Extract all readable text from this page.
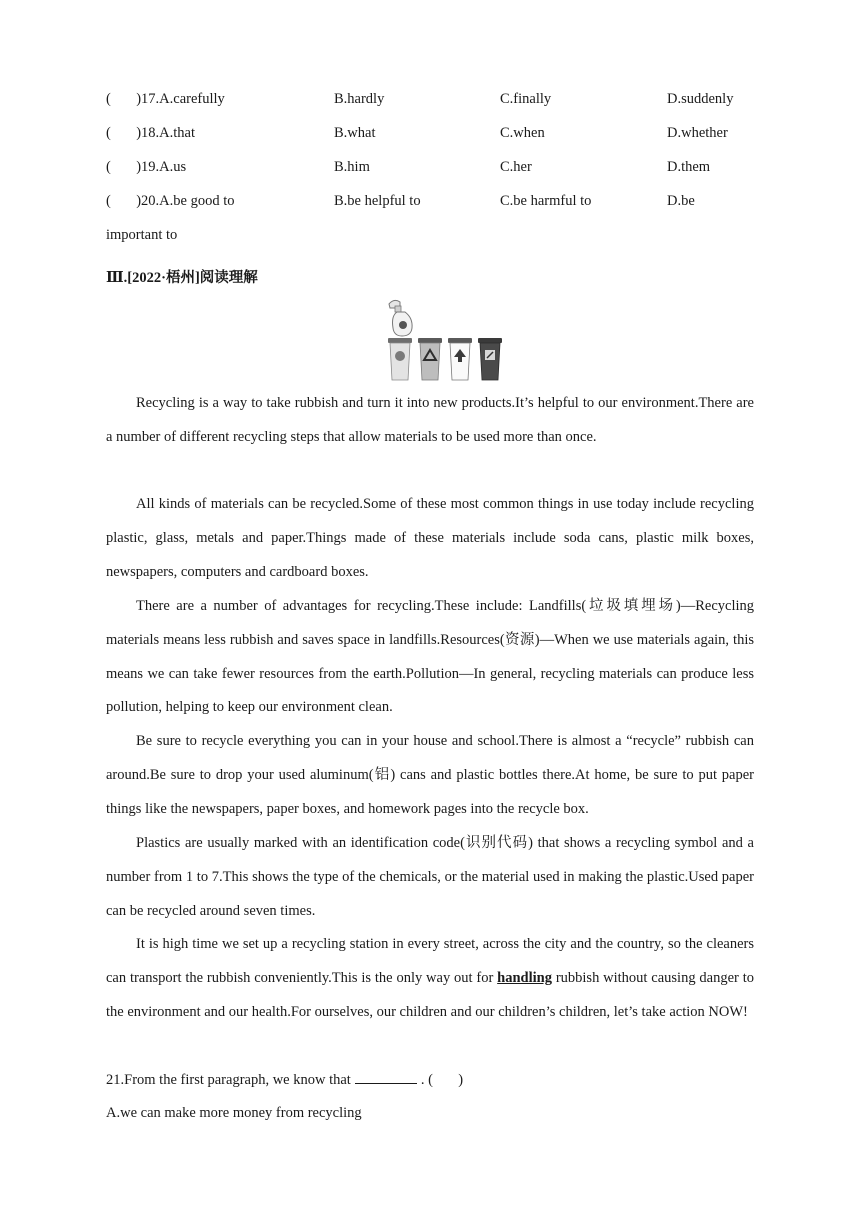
(       )17.A.carefully	B.hardly	C.finally	D.suddenly
(       )18.A.that	B.what	C.when	D.whether
(       )19.A.us	B.him	C.her	D.them
(       )20.A.be good to	B.be helpful to	C.be harmful to	D.be
important to
Ⅲ.[2022·梧州]阅读理解

Recycling is a way to take rubbish and turn it into new products.It’s helpful to our environment.There are a number of different recycling steps that allow materials to be used more than once.

All kinds of materials can be recycled.Some of these most common things in use today include recycling plastic, glass, metals and paper.Things made of these materials include soda cans, plastic milk boxes, newspapers, computers and cardboard boxes.

There are a number of advantages for recycling.These include: Landfills(垃圾填埋场)—Recycling materials means less rubbish and saves space in landfills.Resources(资源)—When we use materials again, this means we can take fewer resources from the earth.Pollution—In general, recycling materials can produce less pollution, helping to keep our environment clean.

Be sure to recycle everything you can in your house and school.There is almost a “recycle” rubbish can around.Be sure to drop your used aluminum(铝) cans and plastic bottles there.At home, be sure to put paper things like the newspapers, paper boxes, and homework pages into the recycle box.

Plastics are usually marked with an identification code(识别代码) that shows a recycling symbol and a number from 1 to 7.This shows the type of the chemicals, or the material used in making the plastic.Used paper can be recycled around seven times.

It is high time we set up a recycling station in every street, across the city and the country, so the cleaners can transport the rubbish conveniently.This is the only way out for handling rubbish without causing danger to the environment and our health.For ourselves, our children and our children’s children, let’s take action NOW!

21.From the first paragraph, we know that	. (       )
A.we can make more money from recycling
